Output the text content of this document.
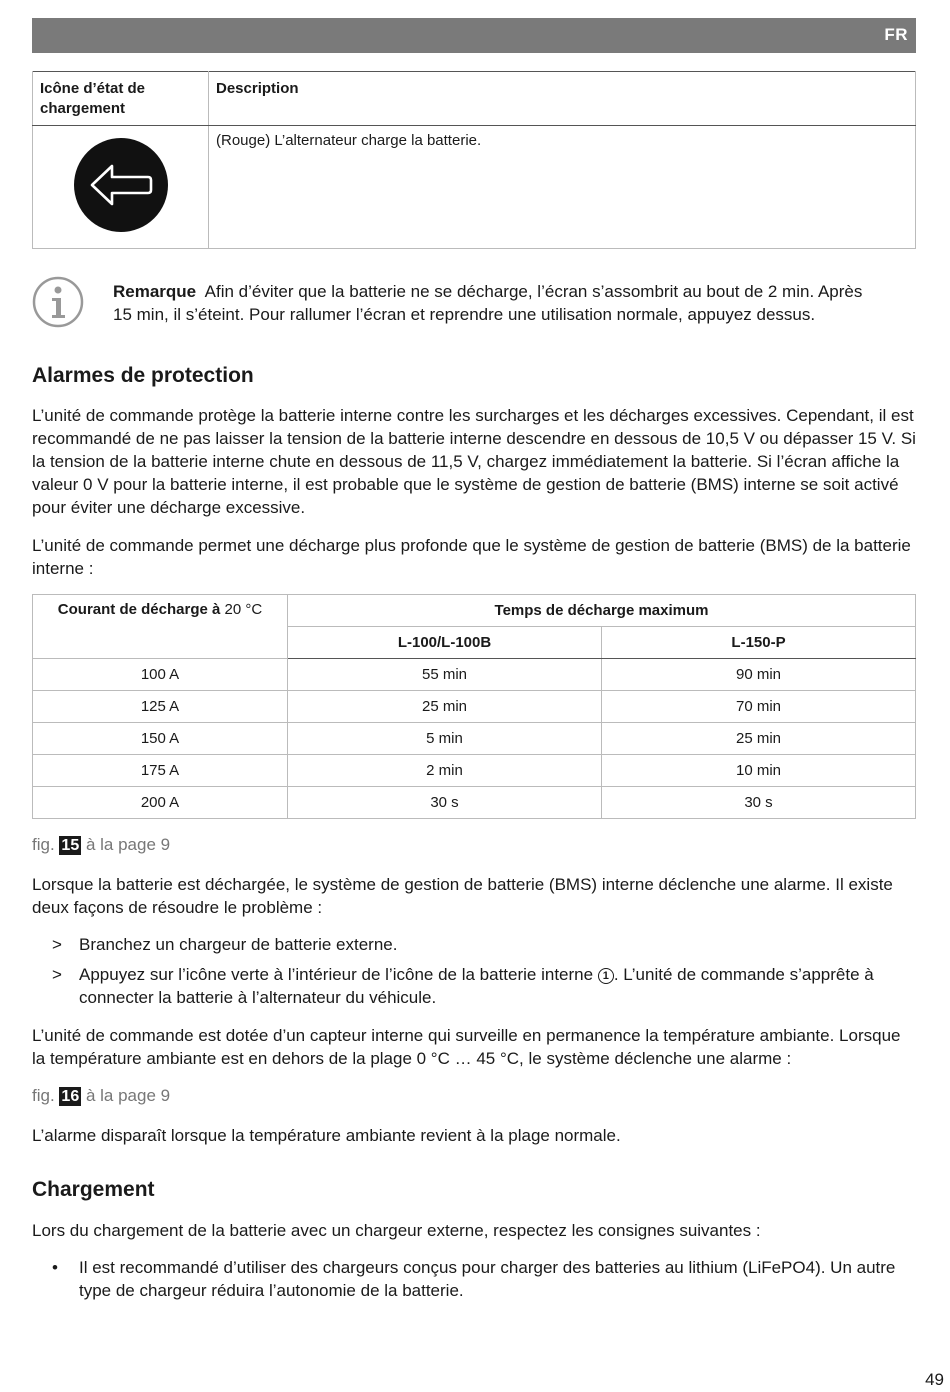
FR
Icône d’état de chargement	Description
	(Rouge) L’alternateur charge la batterie.

Remarque Afin d’éviter que la batterie ne se décharge, l’écran s’assombrit au bout de 2 min. Après 15 min, il s’éteint. Pour rallumer l’écran et reprendre une utilisation normale, appuyez dessus.

Alarmes de protection

L’unité de commande protège la batterie interne contre les surcharges et les décharges excessives. Cependant, il est recommandé de ne pas laisser la tension de la batterie interne descendre en dessous de 10,5 V ou dépasser 15 V. Si la tension de la batterie interne chute en dessous de 11,5 V, chargez immédiatement la batterie. Si l’écran affiche la valeur 0 V pour la batterie interne, il est probable que le système de gestion de batterie (BMS) interne se soit activé pour éviter une décharge excessive.

L’unité de commande permet une décharge plus profonde que le système de gestion de batterie (BMS) de la batterie interne :

Courant de décharge à 20 °C	Temps de décharge maximum	
	L-100/L-100B	L-150-P
100 A	55 min	90 min
125 A	25 min	70 min
150 A	5 min	25 min
175 A	2 min	10 min
200 A	30 s	30 s

fig. 15 à la page 9

Lorsque la batterie est déchargée, le système de gestion de batterie (BMS) interne déclenche une alarme. Il existe deux façons de résoudre le problème :

> Branchez un chargeur de batterie externe.

> Appuyez sur l’icône verte à l’intérieur de l’icône de la batterie interne 1 . L’unité de commande s’apprête à connecter la batterie à l’alternateur du véhicule.

L’unité de commande est dotée d’un capteur interne qui surveille en permanence la température ambiante. Lorsque la température ambiante est en dehors de la plage 0 °C … 45 °C, le système déclenche une alarme :

fig. 16 à la page 9

L’alarme disparaît lorsque la température ambiante revient à la plage normale.

Chargement

Lors du chargement de la batterie avec un chargeur externe, respectez les consignes suivantes :

• Il est recommandé d’utiliser des chargeurs conçus pour charger des batteries au lithium (LiFePO4). Un autre type de chargeur réduira l’autonomie de la batterie.

49
